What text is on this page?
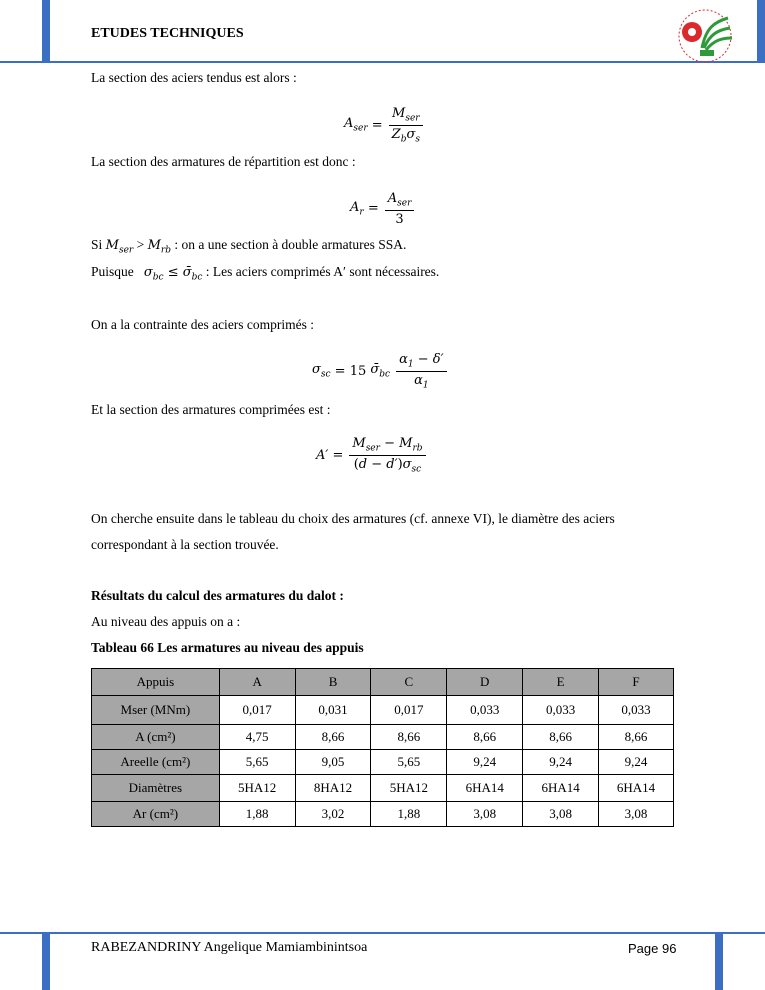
ETUDES TECHNIQUES
La section des aciers tendus est alors :
$A_{ser} = \frac{M_{ser}}{Z_b\sigma_s}$
La section des armatures de répartition est donc :
$A_r = \frac{A_{ser}}{3}$
Si $M_{ser} > M_{rb}$ : on a une section à double armatures SSA.
Puisque $\sigma_{bc}$ ≤ $\sigmā_{bc}$ : Les aciers comprimés A′ sont nécessaires.
On a la contrainte des aciers comprimés :
$\sigma_{sc} = 15$ $\sigmā_{bc} \frac{\alpha_1 - \delta'}{\alpha_1}$
Et la section des armatures comprimées est :
$A' = \frac{M_{ser} - M_{rb}}{(d - d')\sigma_{sc}}$
On cherche ensuite dans le tableau du choix des armatures (cf. annexe VI), le diamètre des aciers
correspondant à la section trouvée.
Résultats du calcul des armatures du dalot :
Au niveau des appuis on a :
Tableau 66 Les armatures au niveau des appuis
Appuis	A	B	C	D	E	F
Mser (MNm)	0,017	0,031	0,017	0,033	0,033	0,033
A (cm²)	4,75	8,66	8,66	8,66	8,66	8,66
Areelle (cm²)	5,65	9,05	5,65	9,24	9,24	9,24
Diamètres	5HA12	8HA12	5HA12	6HA14	6HA14	6HA14
Ar (cm²)	1,88	3,02	1,88	3,08	3,08	3,08
RABEZANDRINY Angelique Mamiambinintsoa	Page 96
